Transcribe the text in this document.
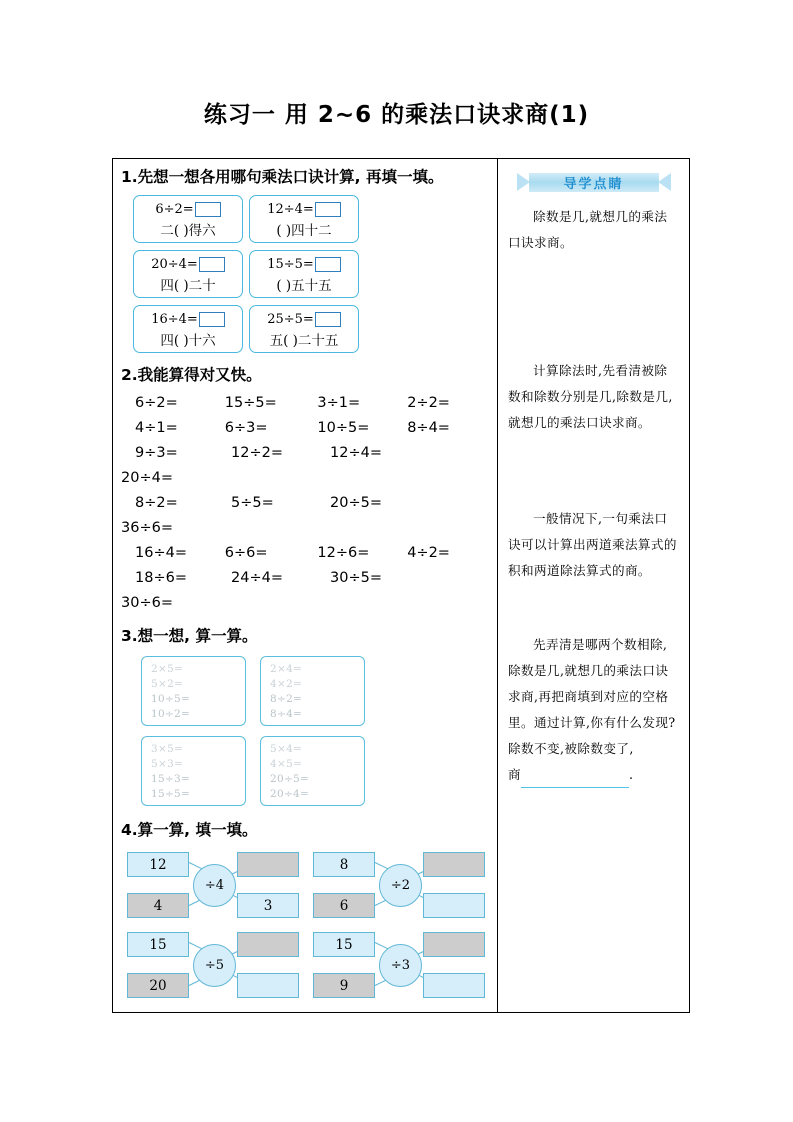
练习一 用 2~6 的乘法口诀求商(1)
1.先想一想各用哪句乘法口诀计算, 再填一填。
6÷2=
二( )得六
12÷4=
( )四十二
20÷4=
四( )二十
15÷5=
( )五十五
16÷4=
四( )十六
25÷5=
五( )二十五
2.我能算得对又快。
6÷2=	15÷5=	3÷1=	2÷2=
4÷1=	6÷3=	10÷5=	8÷4=
9÷3=	12÷2=	12÷4=
20÷4=
8÷2=	5÷5=	20÷5=
36÷6=
16÷4=	6÷6=	12÷6=	4÷2=
18÷6=	24÷4=	30÷5=
30÷6=
3.想一想, 算一算。
2×5=
5×2=
10÷5=
10÷2=
2×4=
4×2=
8÷2=
8÷4=
3×5=
5×3=
15÷3=
15÷5=
5×4=
4×5=
20÷5=
20÷4=
4.算一算, 填一填。
12
4
÷4
3
8
6
÷2
15
20
÷5
15
9
÷3
导学点睛

除数是几,就想几的乘法口诀求商。

计算除法时,先看清被除数和除数分别是几,除数是几,就想几的乘法口诀求商。

一般情况下,一句乘法口诀可以计算出两道乘法算式的积和两道除法算式的商。

先弄清是哪两个数相除,除数是几,就想几的乘法口诀求商,再把商填到对应的空格里。通过计算,你有什么发现?

除数不变,被除数变了,

商	.
